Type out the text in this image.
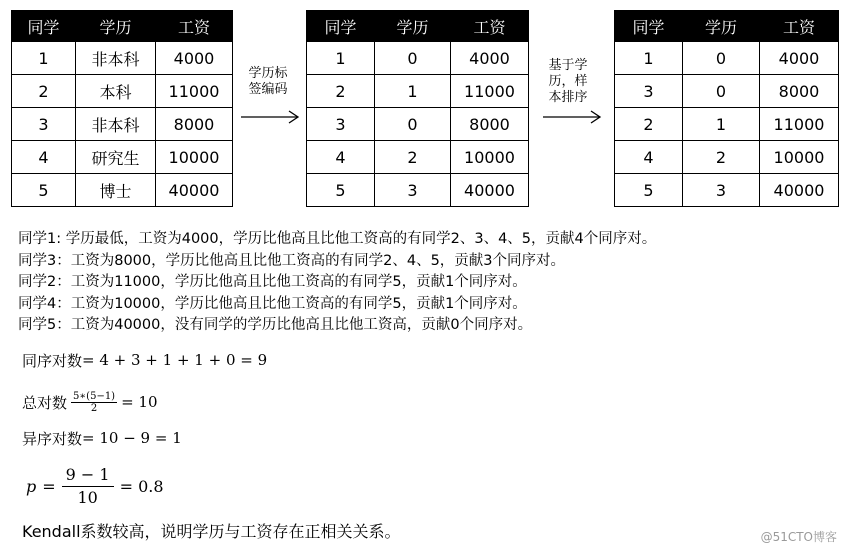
同学	学历	工资
1	非本科	4000
2	本科	11000
3	非本科	8000
4	研究生	10000
5	博士	40000
学历标
签编码
同学	学历	工资
1	0	4000
2	1	11000
3	0	8000
4	2	10000
5	3	40000
基于学
历，样
本排序
同学	学历	工资
1	0	4000
3	0	8000
2	1	11000
4	2	10000
5	3	40000

同学1: 学历最低，工资为4000，学历比他高且比他工资高的有同学2、3、4、5，贡献4个同序对。

同学3：工资为8000，学历比他高且比他工资高的有同学2、4、5，贡献3个同序对。

同学2：工资为11000，学历比他高且比他工资高的有同学5，贡献1个同序对。

同学4：工资为10000，学历比他高且比他工资高的有同学5，贡献1个同序对。

同学5：工资为40000，没有同学的学历比他高且比他工资高，贡献0个同序对。

同序对数 = 4 + 3 + 1 + 1 + 0 = 9
总对数 $\frac{5∗(5-1)}{2} = 10$
异序对数 = 10 − 9 = 1
$p = \frac{9 - 1}{10} = 0.8$
Kendall系数较高，说明学历与工资存在正相关关系。	@51CTO博客
